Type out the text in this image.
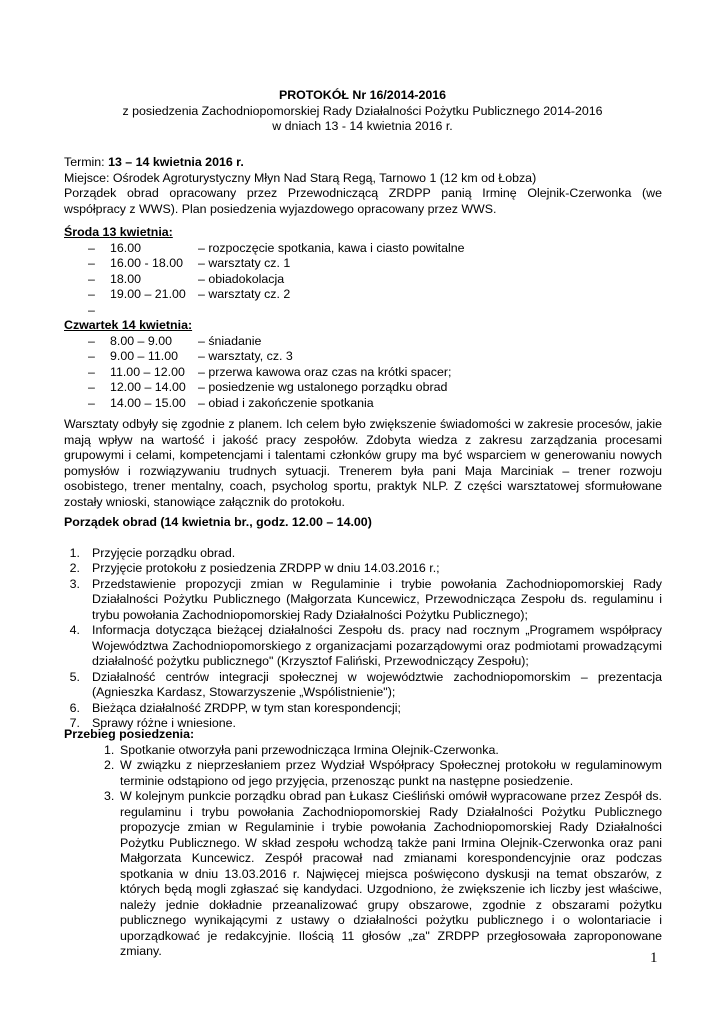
PROTOKÓŁ Nr 16/2014-2016
z posiedzenia Zachodniopomorskiej Rady Działalności Pożytku Publicznego 2014-2016
w dniach 13 - 14 kwietnia 2016 r.
Termin: 13 – 14 kwietnia 2016 r.
Miejsce: Ośrodek Agroturystyczny Młyn Nad Starą Regą, Tarnowo 1 (12 km od Łobza)
Porządek obrad opracowany przez Przewodniczącą ZRDPP panią Irminę Olejnik-Czerwonka (we współpracy z WWS). Plan posiedzenia wyjazdowego opracowany przez WWS.
Środa 13 kwietnia:
– 16.00	– rozpoczęcie spotkania, kawa i ciasto powitalne
– 16.00 - 18.00 – warsztaty cz. 1
– 18.00	– obiadokolacja
– 19.00 – 21.00 – warsztaty cz. 2
–
Czwartek 14 kwietnia:
– 8.00 – 9.00 – śniadanie
– 9.00 – 11.00 – warsztaty, cz. 3
– 11.00 – 12.00 – przerwa kawowa oraz czas na krótki spacer;
– 12.00 – 14.00 – posiedzenie wg ustalonego porządku obrad
– 14.00 – 15.00 – obiad i zakończenie spotkania
Warsztaty odbyły się zgodnie z planem. Ich celem było zwiększenie świadomości w zakresie procesów, jakie mają wpływ na wartość i jakość pracy zespołów. Zdobyta wiedza z zakresu zarządzania procesami grupowymi i celami, kompetencjami i talentami członków grupy ma być wsparciem w generowaniu nowych pomysłów i rozwiązywaniu trudnych sytuacji. Trenerem była pani Maja Marciniak – trener rozwoju osobistego, trener mentalny, coach, psycholog sportu, praktyk NLP. Z części warsztatowej sformułowane zostały wnioski, stanowiące załącznik do protokołu.
Porządek obrad (14 kwietnia br., godz. 12.00 – 14.00)
1. Przyjęcie porządku obrad.
2. Przyjęcie protokołu z posiedzenia ZRDPP w dniu 14.03.2016 r.;
3. Przedstawienie propozycji zmian w Regulaminie i trybie powołania Zachodniopomorskiej Rady Działalności Pożytku Publicznego (Małgorzata Kuncewicz, Przewodnicząca Zespołu ds. regulaminu i trybu powołania Zachodniopomorskiej Rady Działalności Pożytku Publicznego);
4. Informacja dotycząca bieżącej działalności Zespołu ds. pracy nad rocznym „Programem współpracy Województwa Zachodniopomorskiego z organizacjami pozarządowymi oraz podmiotami prowadzącymi działalność pożytku publicznego" (Krzysztof Faliński, Przewodniczący Zespołu);
5. Działalność centrów integracji społecznej w województwie zachodniopomorskim – prezentacja (Agnieszka Kardasz, Stowarzyszenie „Wspólistnienie");
6. Bieżąca działalność ZRDPP, w tym stan korespondencji;
7. Sprawy różne i wniesione.
Przebieg posiedzenia:
1. Spotkanie otworzyła pani przewodnicząca Irmina Olejnik-Czerwonka.
2. W związku z nieprzesłaniem przez Wydział Współpracy Społecznej protokołu w regulaminowym terminie odstąpiono od jego przyjęcia, przenosząc punkt na następne posiedzenie.
3. W kolejnym punkcie porządku obrad pan Łukasz Cieśliński omówił wypracowane przez Zespół ds. regulaminu i trybu powołania Zachodniopomorskiej Rady Działalności Pożytku Publicznego propozycje zmian w Regulaminie i trybie powołania Zachodniopomorskiej Rady Działalności Pożytku Publicznego. W skład zespołu wchodzą także pani Irmina Olejnik-Czerwonka oraz pani Małgorzata Kuncewicz. Zespół pracował nad zmianami korespondencyjnie oraz podczas spotkania w dniu 13.03.2016 r. Najwięcej miejsca poświęcono dyskusji na temat obszarów, z których będą mogli zgłaszać się kandydaci. Uzgodniono, że zwiększenie ich liczby jest właściwe, należy jednie dokładnie przeanalizować grupy obszarowe, zgodnie z obszarami pożytku publicznego wynikającymi z ustawy o działalności pożytku publicznego i o wolontariacie i uporządkować je redakcyjnie. Ilością 11 głosów „za" ZRDPP przegłosowała zaproponowane zmiany.	1
